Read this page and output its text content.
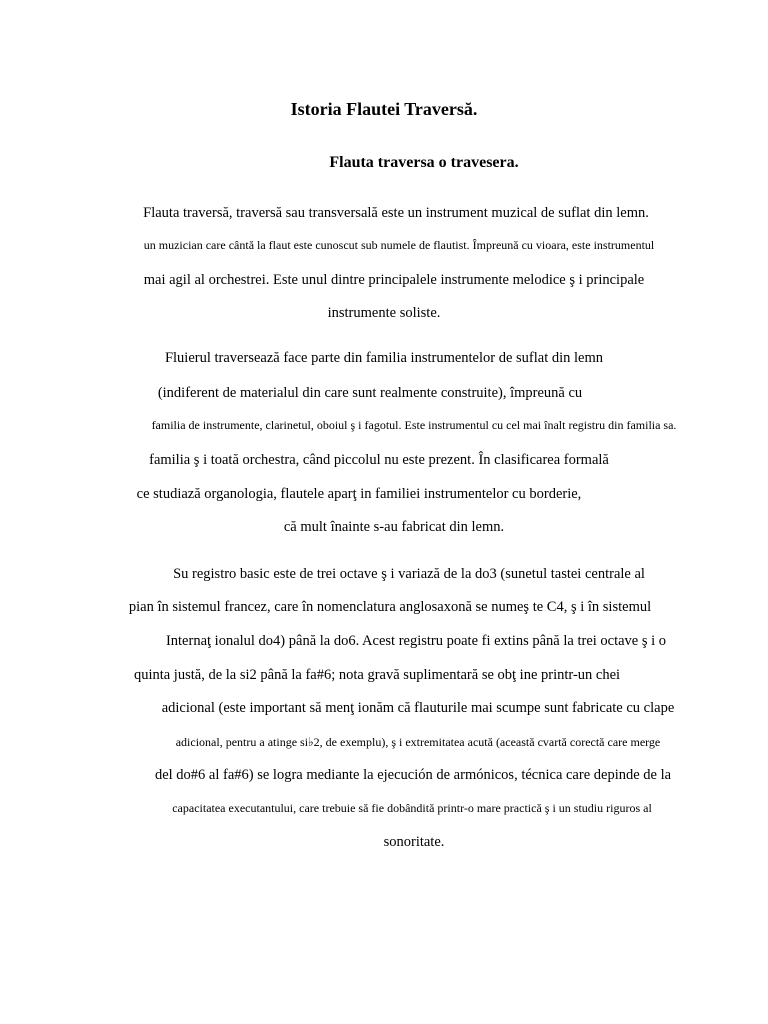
Istoria Flautei Traversă.
Flauta traversa o travesera.
Flauta traversă, traversă sau transversală este un instrument muzical de suflat din lemn.
un muzician care cântă la flaut este cunoscut sub numele de flautist. Împreună cu vioara, este instrumentul
mai agil al orchestrei. Este unul dintre principalele instrumente melodice ş i principale
instrumente soliste.
Fluierul traversează face parte din familia instrumentelor de suflat din lemn
(indiferent de materialul din care sunt realmente construite), împreună cu
familia de instrumente, clarinetul, oboiul ş i fagotul. Este instrumentul cu cel mai înalt registru din familia sa.
familia ş i toată orchestra, când piccolul nu este prezent. În clasificarea formală
ce studiază organologia, flautele aparţ in familiei instrumentelor cu borderie,
că mult înainte s-au fabricat din lemn.
Su registro basic este de trei octave ş i variază de la do3 (sunetul tastei centrale al
pian în sistemul francez, care în nomenclatura anglosaxonă se numeş te C4, ş i în sistemul
Internaţ ionalul do4) până la do6. Acest registru poate fi extins până la trei octave ş i o
quinta justă, de la si2 până la fa#6; nota gravă suplimentară se obţ ine printr-un chei
adicional (este important să menţ ionăm că flauturile mai scumpe sunt fabricate cu clape
adicional, pentru a atinge si♭2, de exemplu), ş i extremitatea acută (această cvartă corectă care merge
del do#6 al fa#6) se logra mediante la ejecución de armónicos, técnica care depinde de la
capacitatea executantului, care trebuie să fie dobândită printr-o mare practică ş i un studiu riguros al
sonoritate.
